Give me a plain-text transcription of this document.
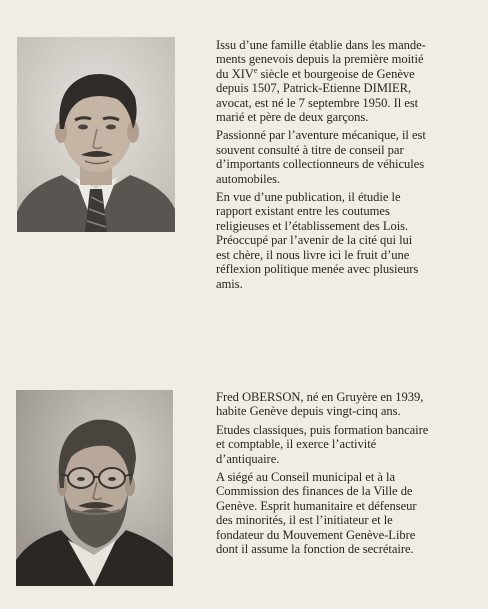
Issu d’une famille établie dans les mande-
ments genevois depuis la première moitié
du XIVe siècle et bourgeoise de Genève
depuis 1507, Patrick-Etienne DIMIER,
avocat, est né le 7 septembre 1950. Il est
marié et père de deux garçons.

Passionné par l’aventure mécanique, il est
souvent consulté à titre de conseil par
d’importants collectionneurs de véhicules
automobiles.

En vue d’une publication, il étudie le
rapport existant entre les coutumes
religieuses et l’établissement des Lois.
Préoccupé par l’avenir de la cité qui lui
est chère, il nous livre ici le fruit d’une
réflexion politique menée avec plusieurs
amis.

Fred OBERSON, né en Gruyère en 1939,
habite Genève depuis vingt-cinq ans.

Etudes classiques, puis formation bancaire
et comptable, il exerce l’activité
d’antiquaire.

A siégé au Conseil municipal et à la
Commission des finances de la Ville de
Genève. Esprit humanitaire et défenseur
des minorités, il est l’initiateur et le
fondateur du Mouvement Genève-Libre
dont il assume la fonction de secrétaire.
